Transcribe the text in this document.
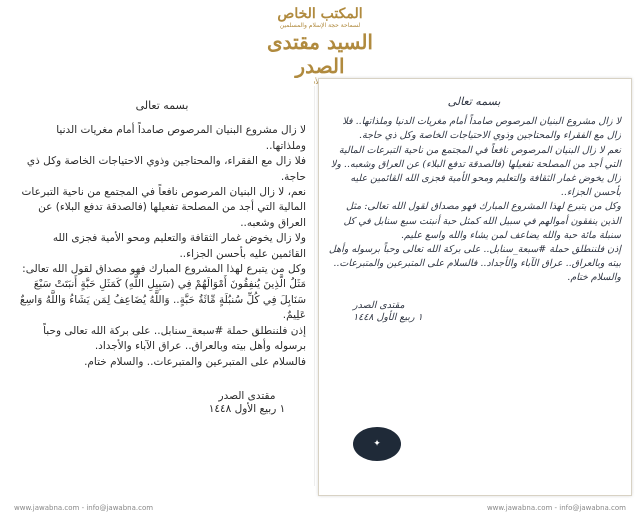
المكتب الخاص
لسماحة حجة الإسلام والمسلمين
السيد مقتدى الصدر

بسمه تعالى

لا زال مشروع البنيان المرصوص صامداً أمام مغريات الدنيا وملذاتها..

فلا زال مع الفقراء، والمحتاجين وذوي الاحتياجات الخاصة وكل ذي حاجة.

نعم، لا زال البنيان المرصوص نافعاً في المجتمع من ناحية التبرعات المالية التي أجد من المصلحة تفعيلها (فالصدقة تدفع البلاء) عن العراق وشعبه..

ولا زال يخوض غمار الثقافة والتعليم ومحو الأمية فجزى الله القائمين عليه بأحسن الجزاء..

وكل من يتبرع لهذا المشروع المبارك فهو مصداق لقول الله تعالى: مَثَلُ الَّذِينَ يُنفِقُونَ أَمْوَالَهُمْ فِي (سَبِيلِ اللَّهِ) كَمَثَلِ حَبَّةٍ أَنبَتَتْ سَبْعَ سَنَابِلَ فِي كُلِّ سُنبُلَةٍ مِّائَةُ حَبَّةٍ.. وَاللَّهُ يُضَاعِفُ لِمَن يَشَاءُ وَاللَّهُ وَاسِعٌ عَلِيمٌ.

إذن فلننطلق حملة #سبعة_سنابل.. على بركة الله تعالى وحباً برسوله وأهل بيته وبالعراق.. عراق الآباء والأجداد.

فالسلام على المتبرعين والمتبرعات.. والسلام ختام.

مقتدى الصدر
١ ربيع الأول ١٤٤٨

بسمه تعالى

لا زال مشروع البنيان المرصوص صامداً أمام مغريات الدنيا وملذاتها.. فلا زال مع الفقراء والمحتاجين وذوي الاحتياجات الخاصة وكل ذي حاجة.

نعم لا زال البنيان المرصوص نافعاً في المجتمع من ناحية التبرعات المالية التي أجد من المصلحة تفعيلها (فالصدقة تدفع البلاء) عن العراق وشعبه.. ولا زال يخوض غمار الثقافة والتعليم ومحو الأمية فجزى الله القائمين عليه بأحسن الجزاء..

وكل من يتبرع لهذا المشروع المبارك فهو مصداق لقول الله تعالى: مثل الذين ينفقون أموالهم في سبيل الله كمثل حبة أنبتت سبع سنابل في كل سنبلة مائة حبة والله يضاعف لمن يشاء والله واسع عليم.

إذن فلننطلق حملة #سبعة_سنابل.. على بركة الله تعالى وحباً برسوله وأهل بيته وبالعراق.. عراق الآباء والأجداد.. فالسلام على المتبرعين والمتبرعات.. والسلام ختام.

مقتدى الصدر
١ ربيع الأول ١٤٤٨
✦
www.jawabna.com - info@jawabna.com	www.jawabna.com - info@jawabna.com
